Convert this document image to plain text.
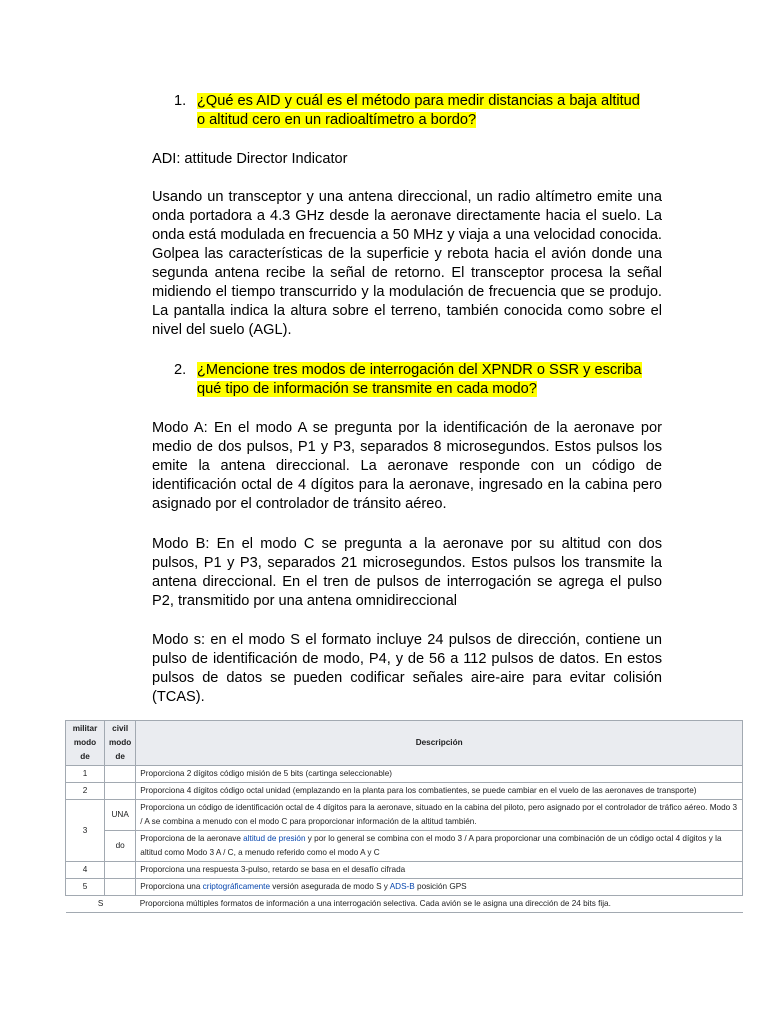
1. ¿Qué es AID y cuál es el método para medir distancias a baja altitud
o altitud cero en un radioaltímetro a bordo?
ADI: attitude Director Indicator
Usando un transceptor y una antena direccional, un radio altímetro emite una onda portadora a 4.3 GHz desde la aeronave directamente hacia el suelo. La onda está modulada en frecuencia a 50 MHz y viaja a una velocidad conocida. Golpea las características de la superficie y rebota hacia el avión donde una segunda antena recibe la señal de retorno. El transceptor procesa la señal midiendo el tiempo transcurrido y la modulación de frecuencia que se produjo. La pantalla indica la altura sobre el terreno, también conocida como sobre el nivel del suelo (AGL).
2. ¿Mencione tres modos de interrogación del XPNDR o SSR y escriba
qué tipo de información se transmite en cada modo?
Modo A: En el modo A se pregunta por la identificación de la aeronave por medio de dos pulsos, P1 y P3, separados 8 microsegundos. Estos pulsos los emite la antena direccional. La aeronave responde con un código de identificación octal de 4 dígitos para la aeronave, ingresado en la cabina pero asignado por el controlador de tránsito aéreo.
Modo B: En el modo C se pregunta a la aeronave por su altitud con dos pulsos, P1 y P3, separados 21 microsegundos. Estos pulsos los transmite la antena direccional. En el tren de pulsos de interrogación se agrega el pulso P2, transmitido por una antena omnidireccional
Modo s: en el modo S el formato incluye 24 pulsos de dirección, contiene un pulso de identificación de modo, P4, y de 56 a 112 pulsos de datos. En estos pulsos de datos se pueden codificar señales aire-aire para evitar colisión (TCAS).
militar
modo
de	civil
modo
de	Descripción
1		Proporciona 2 dígitos código misión de 5 bits (cartinga seleccionable)
2		Proporciona 4 dígitos código octal unidad (emplazando en la planta para los combatientes, se puede cambiar en el vuelo de las aeronaves de transporte)
3	UNA	Proporciona un código de identificación octal de 4 dígitos para la aeronave, situado en la cabina del piloto, pero asignado por el controlador de tráfico aéreo. Modo 3 / A se combina a menudo con el modo C para proporcionar información de la altitud también.
	do	Proporciona de la aeronave altitud de presión y por lo general se combina con el modo 3 / A para proporcionar una combinación de un código octal 4 dígitos y la altitud como Modo 3 A / C, a menudo referido como el modo A y C
4		Proporciona una respuesta 3-pulso, retardo se basa en el desafío cifrada
5		Proporciona una criptográficamente versión asegurada de modo S y ADS-B posición GPS
S		Proporciona múltiples formatos de información a una interrogación selectiva. Cada avión se le asigna una dirección de 24 bits fija.
